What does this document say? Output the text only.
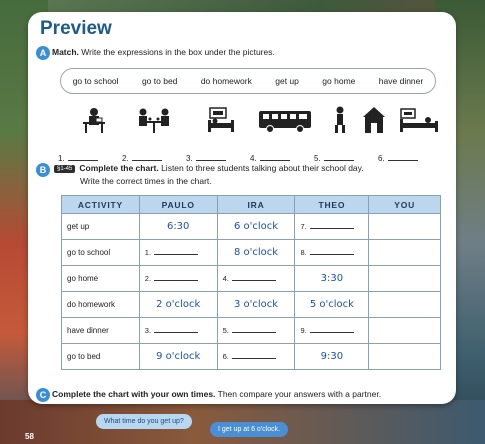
Preview
A Match. Write the expressions in the box under the pictures.
go to school	go to bed	do homework	get up	go home	have dinner
1.	2.	3.	4.	5.	6.
B	§1-45 Complete the chart. Listen to three students talking about their school day.
Write the correct times in the chart.
ACTIVITY	PAULO	IRA	THEO	YOU
get up	6:30	6 o'clock	7.	
go to school	1.	8 o'clock	8.	
go home	2.	4.	3:30	
do homework	2 o'clock	3 o'clock	5 o'clock	
have dinner	3.	5.	9.	
go to bed	9 o'clock	6.	9:30	
C Complete the chart with your own times. Then compare your answers with a partner.
What time do you get up?
I get up at 6 o'clock.
58
